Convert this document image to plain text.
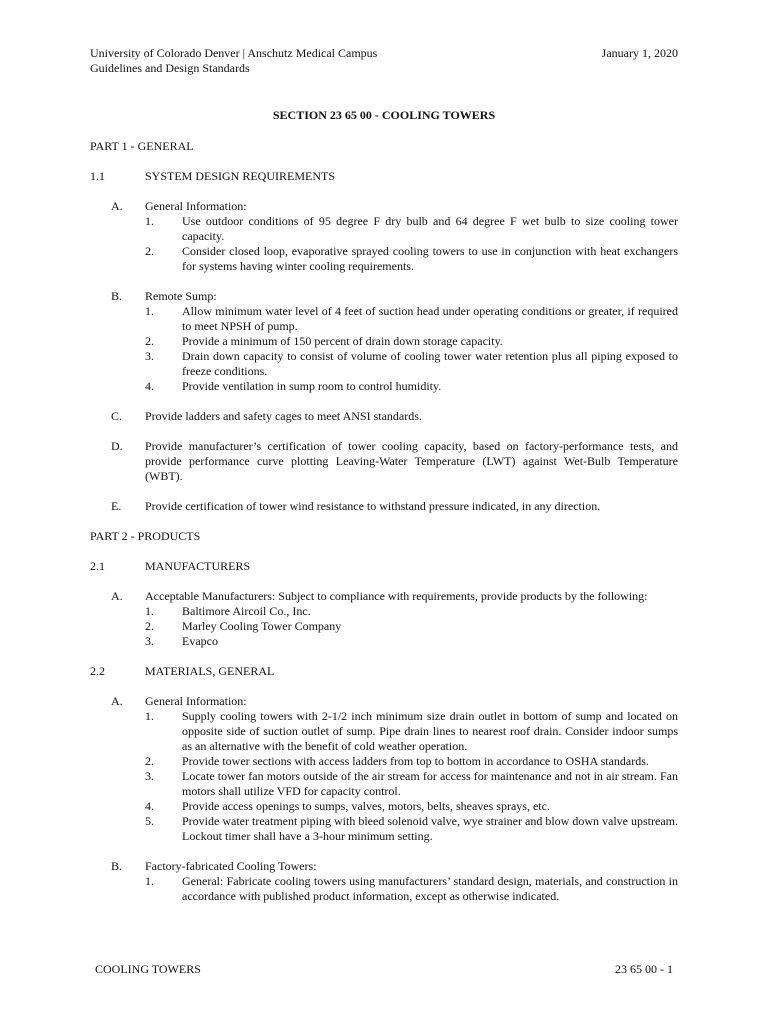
University of Colorado Denver | Anschutz Medical Campus
Guidelines and Design Standards
January 1, 2020
SECTION 23 65 00 - COOLING TOWERS
PART 1 - GENERAL
1.1	SYSTEM DESIGN REQUIREMENTS
A.	General Information:
1.	Use outdoor conditions of 95 degree F dry bulb and 64 degree F wet bulb to size cooling tower capacity.
2.	Consider closed loop, evaporative sprayed cooling towers to use in conjunction with heat exchangers for systems having winter cooling requirements.
B.	Remote Sump:
1.	Allow minimum water level of 4 feet of suction head under operating conditions or greater, if required to meet NPSH of pump.
2.	Provide a minimum of 150 percent of drain down storage capacity.
3.	Drain down capacity to consist of volume of cooling tower water retention plus all piping exposed to freeze conditions.
4.	Provide ventilation in sump room to control humidity.
C.	Provide ladders and safety cages to meet ANSI standards.
D.	Provide manufacturer’s certification of tower cooling capacity, based on factory-performance tests, and provide performance curve plotting Leaving-Water Temperature (LWT) against Wet-Bulb Temperature (WBT).
E.	Provide certification of tower wind resistance to withstand pressure indicated, in any direction.
PART 2 - PRODUCTS
2.1	MANUFACTURERS
A.	Acceptable Manufacturers: Subject to compliance with requirements, provide products by the following:
1.	Baltimore Aircoil Co., Inc.
2.	Marley Cooling Tower Company
3.	Evapco
2.2	MATERIALS, GENERAL
A.	General Information:
1.	Supply cooling towers with 2-1/2 inch minimum size drain outlet in bottom of sump and located on opposite side of suction outlet of sump. Pipe drain lines to nearest roof drain. Consider indoor sumps as an alternative with the benefit of cold weather operation.
2.	Provide tower sections with access ladders from top to bottom in accordance to OSHA standards.
3.	Locate tower fan motors outside of the air stream for access for maintenance and not in air stream. Fan motors shall utilize VFD for capacity control.
4.	Provide access openings to sumps, valves, motors, belts, sheaves sprays, etc.
5.	Provide water treatment piping with bleed solenoid valve, wye strainer and blow down valve upstream. Lockout timer shall have a 3-hour minimum setting.
B.	Factory-fabricated Cooling Towers:
1.	General: Fabricate cooling towers using manufacturers’ standard design, materials, and construction in accordance with published product information, except as otherwise indicated.
COOLING TOWERS	23 65 00 - 1
